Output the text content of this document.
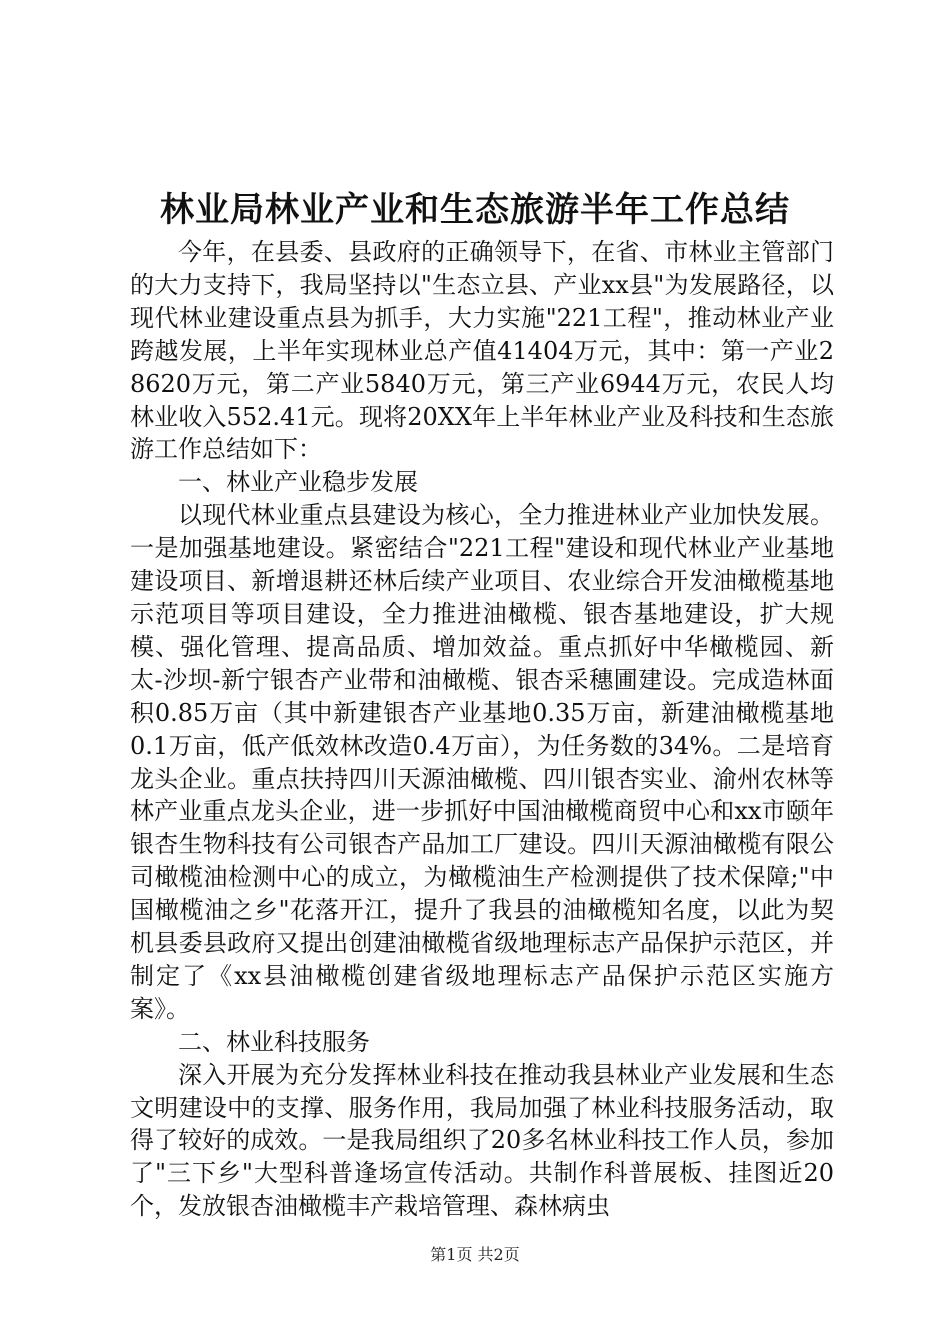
林业局林业产业和生态旅游半年工作总结

今年，在县委、县政府的正确领导下，在省、市林业主管部门的大力支持下，我局坚持以"生态立县、产业xx县"为发展路径，以现代林业建设重点县为抓手，大力实施"221工程"，推动林业产业跨越发展，上半年实现林业总产值41404万元，其中：第一产业28620万元，第二产业5840万元，第三产业6944万元，农民人均林业收入552.41元。现将20XX年上半年林业产业及科技和生态旅游工作总结如下：

一、林业产业稳步发展

以现代林业重点县建设为核心，全力推进林业产业加快发展。一是加强基地建设。紧密结合"221工程"建设和现代林业产业基地建设项目、新增退耕还林后续产业项目、农业综合开发油橄榄基地示范项目等项目建设，全力推进油橄榄、银杏基地建设，扩大规模、强化管理、提高品质、增加效益。重点抓好中华橄榄园、新太-沙坝-新宁银杏产业带和油橄榄、银杏采穗圃建设。完成造林面积0.85万亩（其中新建银杏产业基地0.35万亩，新建油橄榄基地0.1万亩，低产低效林改造0.4万亩），为任务数的34%。二是培育龙头企业。重点扶持四川天源油橄榄、四川银杏实业、渝州农林等林产业重点龙头企业，进一步抓好中国油橄榄商贸中心和xx市颐年银杏生物科技有公司银杏产品加工厂建设。四川天源油橄榄有限公司橄榄油检测中心的成立，为橄榄油生产检测提供了技术保障;"中国橄榄油之乡"花落开江，提升了我县的油橄榄知名度，以此为契机县委县政府又提出创建油橄榄省级地理标志产品保护示范区，并制定了《xx县油橄榄创建省级地理标志产品保护示范区实施方案》。

二、林业科技服务

深入开展为充分发挥林业科技在推动我县林业产业发展和生态文明建设中的支撑、服务作用，我局加强了林业科技服务活动，取得了较好的成效。一是我局组织了20多名林业科技工作人员，参加了"三下乡"大型科普逢场宣传活动。共制作科普展板、挂图近20个，发放银杏油橄榄丰产栽培管理、森林病虫

第1页 共2页
